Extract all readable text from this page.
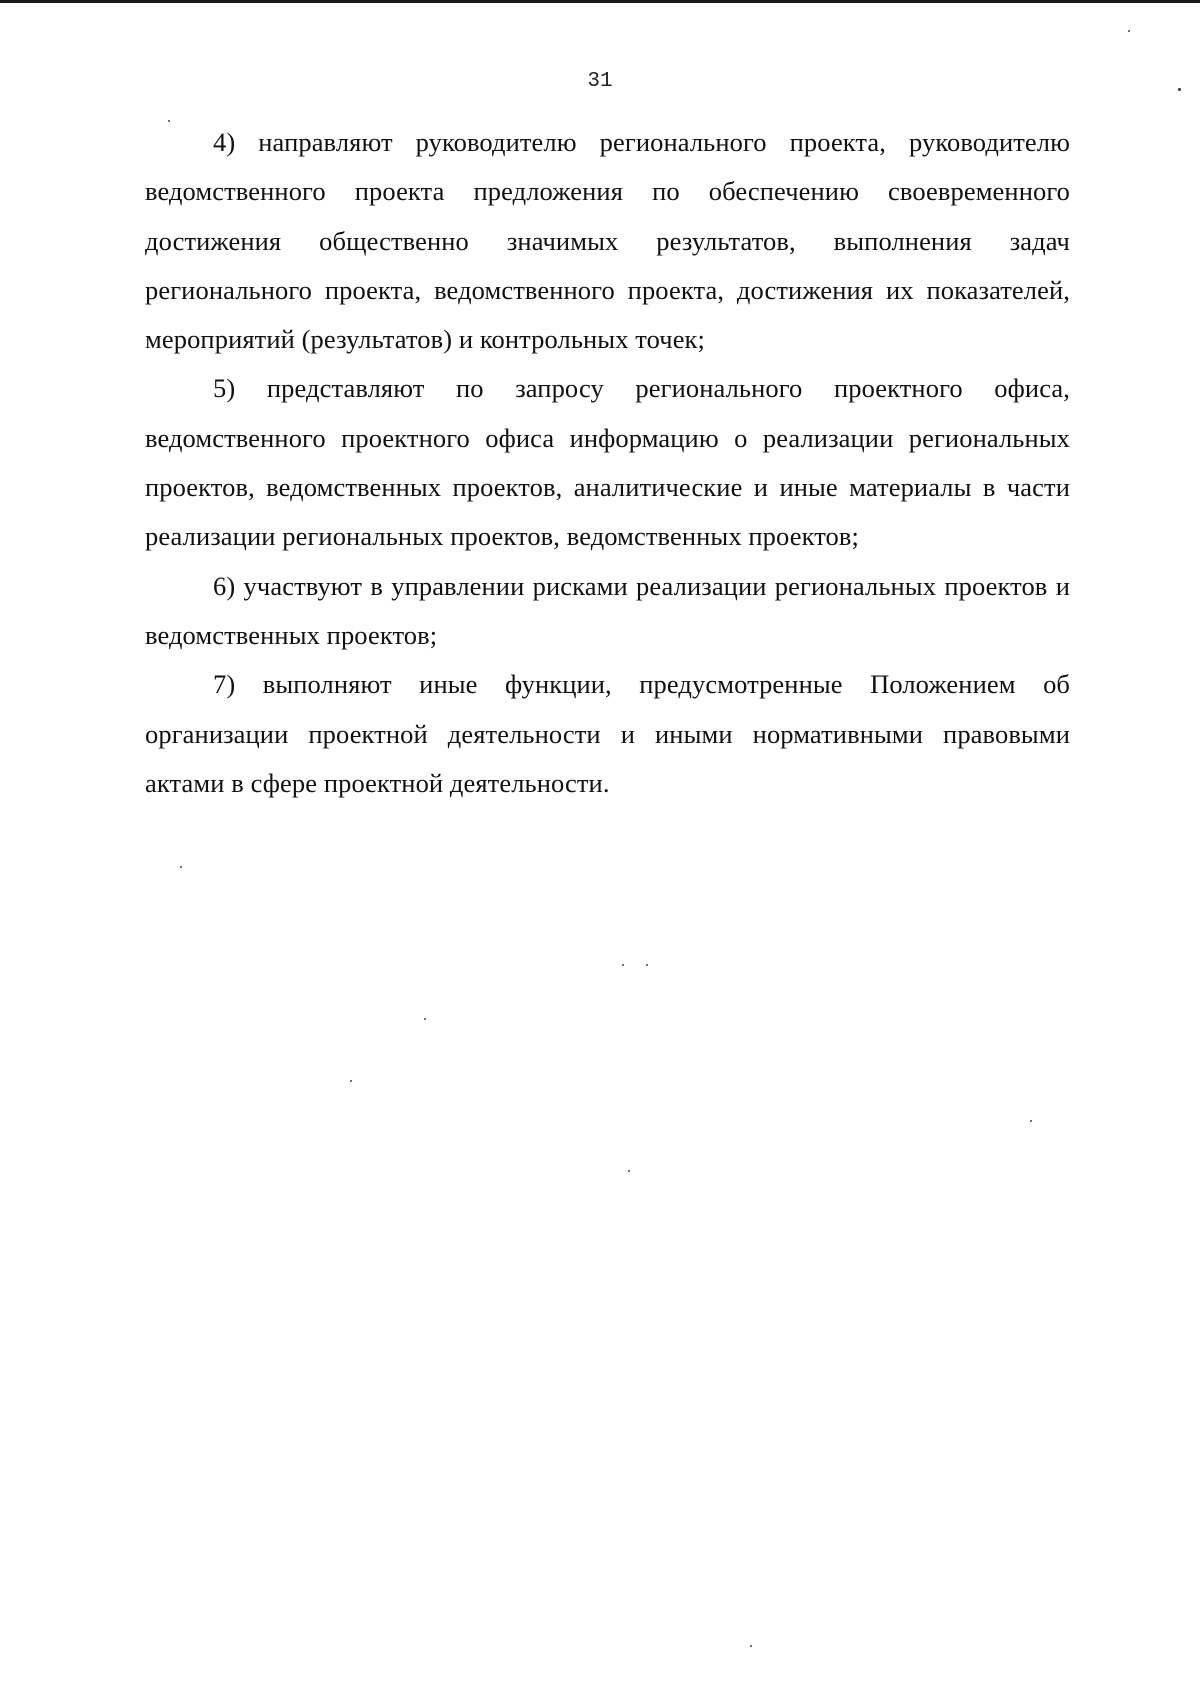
31

4) направляют руководителю регионального проекта, руководителю ведомственного проекта предложения по обеспечению своевременного достижения общественно значимых результатов, выполнения задач регионального проекта, ведомственного проекта, достижения их показателей, мероприятий (результатов) и контрольных точек;

5) представляют по запросу регионального проектного офиса, ведомственного проектного офиса информацию о реализации региональных проектов, ведомственных проектов, аналитические и иные материалы в части реализации региональных проектов, ведомственных проектов;

6) участвуют в управлении рисками реализации региональных проектов и ведомственных проектов;

7) выполняют иные функции, предусмотренные Положением об организации проектной деятельности и иными нормативными правовыми актами в сфере проектной деятельности.
